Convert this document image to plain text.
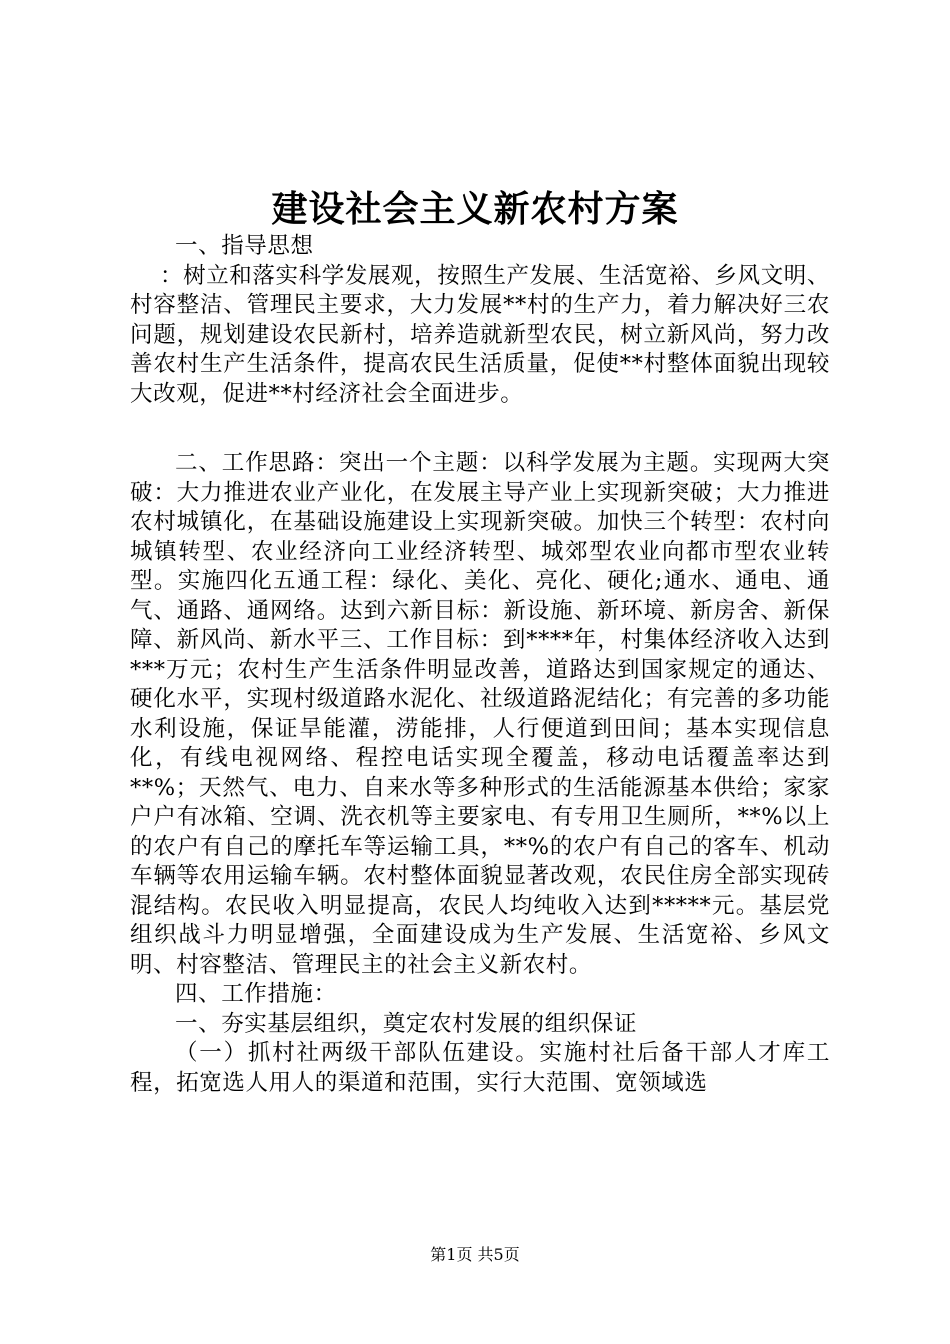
建设社会主义新农村方案

一、指导思想

：树立和落实科学发展观，按照生产发展、生活宽裕、乡风文明、村容整洁、管理民主要求，大力发展**村的生产力，着力解决好三农问题，规划建设农民新村，培养造就新型农民，树立新风尚，努力改善农村生产生活条件，提高农民生活质量，促使**村整体面貌出现较大改观，促进**村经济社会全面进步。

二、工作思路：突出一个主题：以科学发展为主题。实现两大突破：大力推进农业产业化，在发展主导产业上实现新突破；大力推进农村城镇化，在基础设施建设上实现新突破。加快三个转型：农村向城镇转型、农业经济向工业经济转型、城郊型农业向都市型农业转型。实施四化五通工程：绿化、美化、亮化、硬化;通水、通电、通气、通路、通网络。达到六新目标：新设施、新环境、新房舍、新保障、新风尚、新水平三、工作目标：到****年，村集体经济收入达到***万元；农村生产生活条件明显改善，道路达到国家规定的通达、硬化水平，实现村级道路水泥化、社级道路泥结化；有完善的多功能水利设施，保证旱能灌，涝能排，人行便道到田间；基本实现信息化，有线电视网络、程控电话实现全覆盖，移动电话覆盖率达到**%；天然气、电力、自来水等多种形式的生活能源基本供给；家家户户有冰箱、空调、洗衣机等主要家电、有专用卫生厕所，**%以上的农户有自己的摩托车等运输工具，**%的农户有自己的客车、机动车辆等农用运输车辆。农村整体面貌显著改观，农民住房全部实现砖混结构。农民收入明显提高，农民人均纯收入达到*****元。基层党组织战斗力明显增强，全面建设成为生产发展、生活宽裕、乡风文明、村容整洁、管理民主的社会主义新农村。

四、工作措施：

一、夯实基层组织，奠定农村发展的组织保证

（一）抓村社两级干部队伍建设。实施村社后备干部人才库工程，拓宽选人用人的渠道和范围，实行大范围、宽领域选

第1页 共5页
